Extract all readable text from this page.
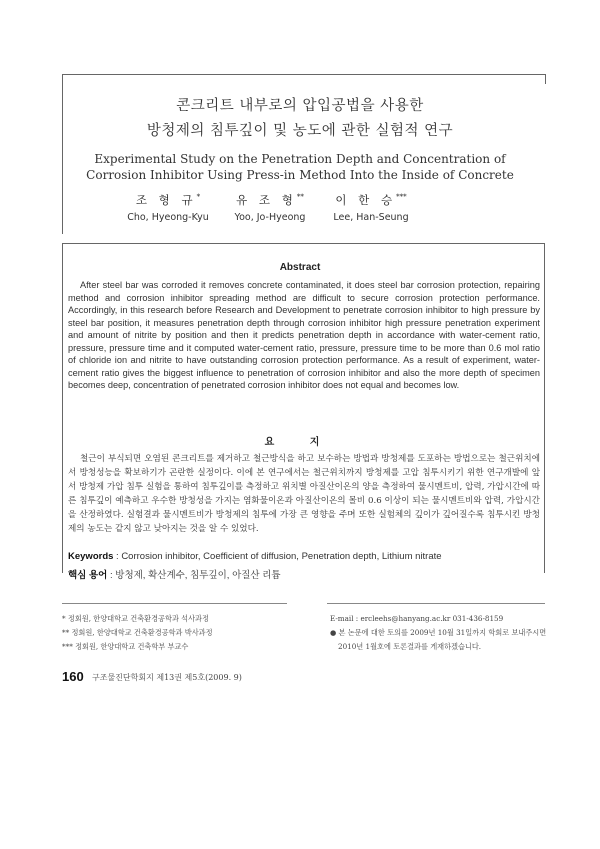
콘크리트 내부로의 압입공법을 사용한
방청제의 침투깊이 및 농도에 관한 실험적 연구
Experimental Study on the Penetration Depth and Concentration of
Corrosion Inhibitor Using Press-in Method Into the Inside of Concrete
조 형 규*
Cho, Hyeong-Kyu
유 조 형**
Yoo, Jo-Hyeong
이 한 승***
Lee, Han-Seung
Abstract
After steel bar was corroded it removes concrete contaminated, it does steel bar corrosion protection, repairing method and corrosion inhibitor spreading method are difficult to secure corrosion protection performance. Accordingly, in this research before Research and Development to penetrate corrosion inhibitor to high pressure by steel bar position, it measures penetration depth through corrosion inhibitor high pressure penetration experiment and amount of nitrite by position and then it predicts penetration depth in accordance with water-cement ratio, pressure, pressure time and it computed water-cement ratio, pressure, pressure time to be more than 0.6 mol ratio of chloride ion and nitrite to have outstanding corrosion protection performance. As a result of experiment, water-cement ratio gives the biggest influence to penetration of corrosion inhibitor and also the more depth of specimen becomes deep, concentration of penetrated corrosion inhibitor does not equal and becomes low.
요 지
철근이 부식되면 오염된 콘크리트를 제거하고 철근방식을 하고 보수하는 방법과 방청제를 도포하는 방법으로는 철근위치에서 방청성능을 확보하기가 곤란한 실정이다. 이에 본 연구에서는 철근위치까지 방청제를 고압 침투시키기 위한 연구개발에 앞서 방청제 가압 침투 실험을 통하여 침투깊이를 측정하고 위치별 아질산이온의 양을 측정하여 물시멘트비, 압력, 가압시간에 따른 침투깊이 예측하고 우수한 방청성을 가지는 염화물이온과 아질산이온의 몰비 0.6 이상이 되는 물시멘트비와 압력, 가압시간을 산정하였다. 실험결과 물시멘트비가 방청제의 침투에 가장 큰 영향을 주며 또한 실험체의 깊이가 깊어질수록 침투시킨 방청제의 농도는 같지 않고 낮아지는 것을 알 수 있었다.
Keywords : Corrosion inhibitor, Coefficient of diffusion, Penetration depth, Lithium nitrate
핵심 용어 : 방청제, 확산계수, 침투깊이, 아질산 리튬
* 정회원, 한양대학교 건축환경공학과 석사과정
** 정회원, 한양대학교 건축환경공학과 박사과정
*** 정회원, 한양대학교 건축학부 부교수
E-mail : ercleehs@hanyang.ac.kr 031-436-8159
● 본 논문에 대한 토의를 2009년 10월 31일까지 학회로 보내주시면
2010년 1월호에 토론결과를 게재하겠습니다.
160 구조물진단학회지 제13권 제5호(2009. 9)
